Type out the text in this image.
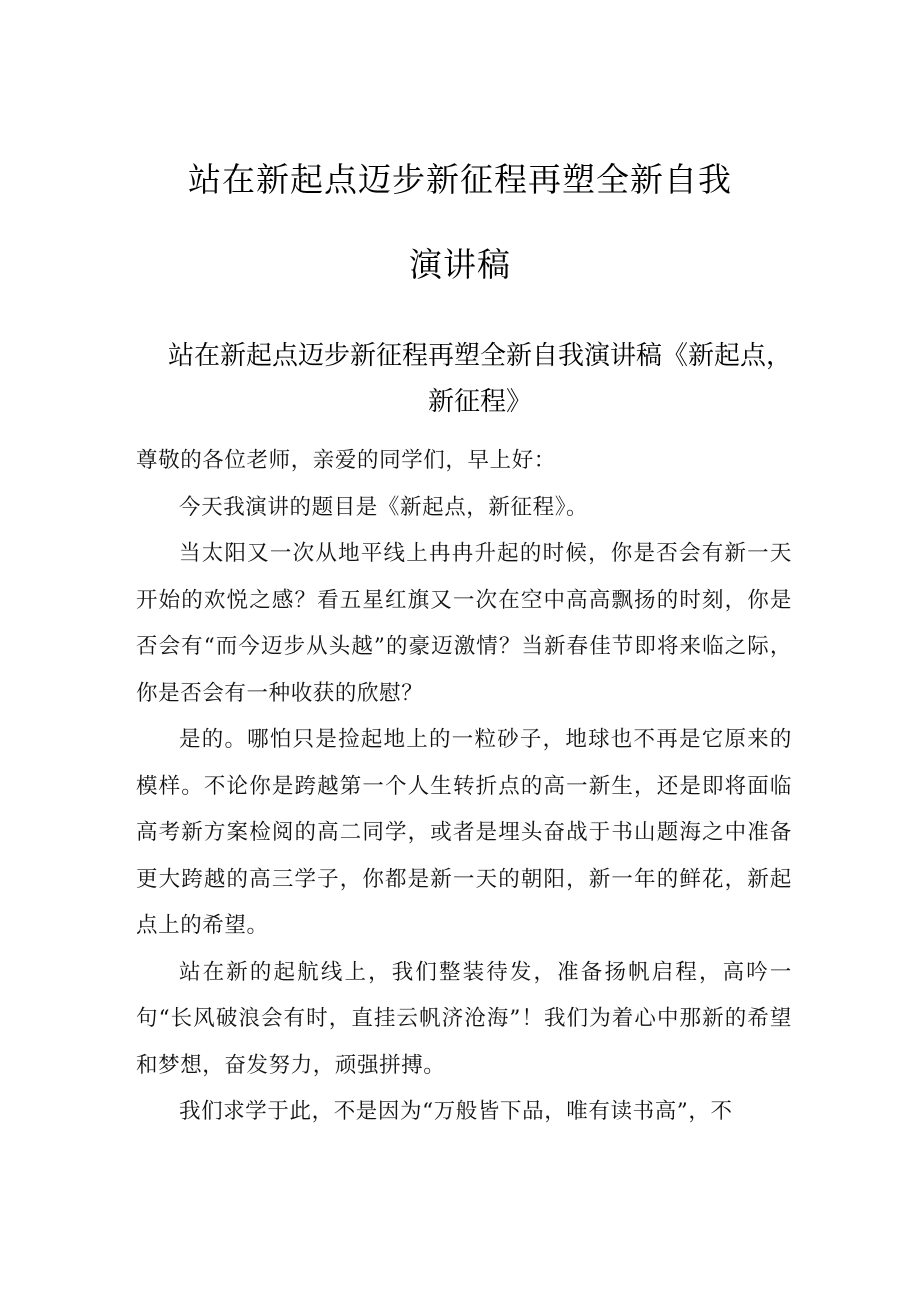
站在新起点迈步新征程再塑全新自我
演讲稿
站在新起点迈步新征程再塑全新自我演讲稿《新起点，
新征程》

尊敬的各位老师，亲爱的同学们，早上好：

今天我演讲的题目是《新起点，新征程》。

当太阳又一次从地平线上冉冉升起的时候，你是否会有新一天开始的欢悦之感？看五星红旗又一次在空中高高飘扬的时刻，你是否会有“而今迈步从头越”的豪迈激情？当新春佳节即将来临之际，你是否会有一种收获的欣慰？

是的。哪怕只是捡起地上的一粒砂子，地球也不再是它原来的模样。不论你是跨越第一个人生转折点的高一新生，还是即将面临高考新方案检阅的高二同学，或者是埋头奋战于书山题海之中准备更大跨越的高三学子，你都是新一天的朝阳，新一年的鲜花，新起点上的希望。

站在新的起航线上，我们整装待发，准备扬帆启程，高吟一句“长风破浪会有时，直挂云帆济沧海”！我们为着心中那新的希望和梦想，奋发努力，顽强拼搏。

我们求学于此，不是因为“万般皆下品，唯有读书高”，不
